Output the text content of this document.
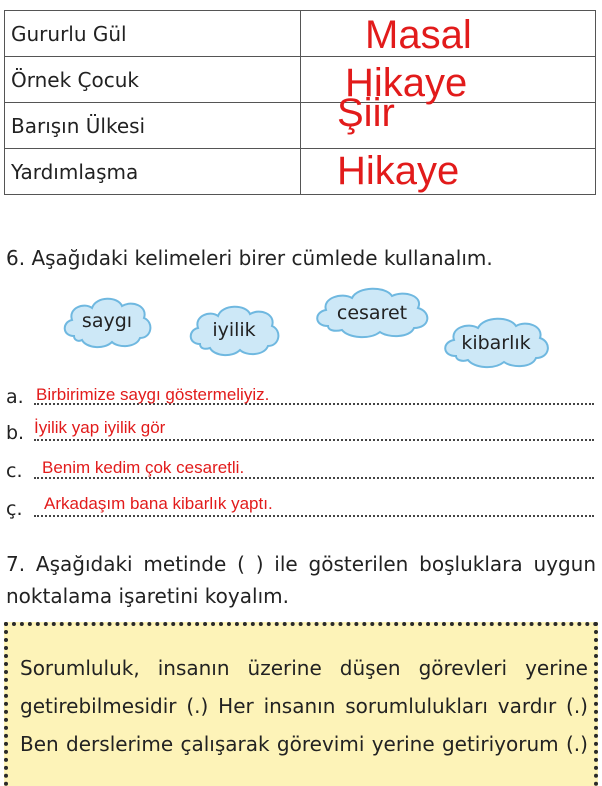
Gururlu Gül	Masal

Örnek Çocuk	Hikaye

Barışın Ülkesi	Şiir

Yardımlaşma	Hikaye
6. Aşağıdaki kelimeleri birer cümlede kullanalım.
saygı	iyilik
cesaret
kibarlık
a. Birbirimize saygı göstermeliyiz.
b. İyilik yap iyilik gör
c. Benim kedim çok cesaretli.
ç. Arkadaşım bana kibarlık yaptı.
7. Aşağıdaki metinde ( ) ile gösterilen boşluklara uygun
noktalama işaretini koyalım.
Sorumluluk, insanın üzerine düşen görevleri yerine
getirebilmesidir (.) Her insanın sorumlulukları vardır (.)
Ben derslerime çalışarak görevimi yerine getiriyorum (.)
